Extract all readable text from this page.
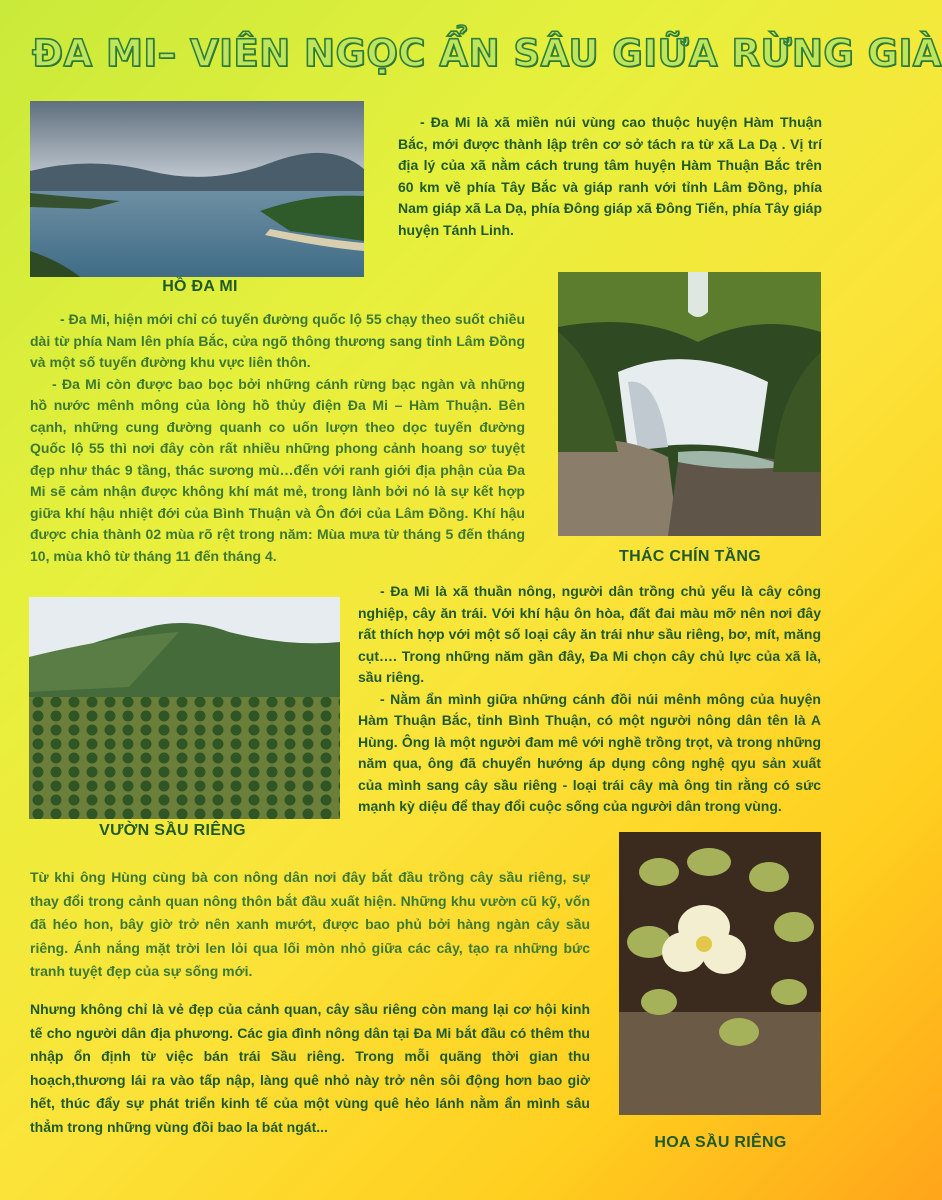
ĐA MI– VIÊN NGỌC ẨN SÂU GIỮA RỪNG GIÀ
HỒ ĐA MI

- Đa Mi là xã miền núi vùng cao thuộc huyện Hàm Thuận Bắc, mới được thành lập trên cơ sở tách ra từ xã La Dạ . Vị trí địa lý của xã nằm cách trung tâm huyện Hàm Thuận Bắc trên 60 km về phía Tây Bắc và giáp ranh với tỉnh Lâm Đồng, phía Nam giáp xã La Dạ, phía Đông giáp xã Đông Tiến, phía Tây giáp huyện Tánh Linh.

THÁC CHÍN TẦNG

- Đa Mi, hiện mới chỉ có tuyến đường quốc lộ 55 chạy theo suốt chiều dài từ phía Nam lên phía Bắc, cửa ngõ thông thương sang tỉnh Lâm Đồng và một số tuyến đường khu vực liên thôn.

- Đa Mi còn được bao bọc bởi những cánh rừng bạc ngàn và những hồ nước mênh mông của lòng hồ thủy điện Đa Mi – Hàm Thuận. Bên cạnh, những cung đường quanh co uốn lượn theo dọc tuyến đường Quốc lộ 55 thì nơi đây còn rất nhiều những phong cảnh hoang sơ tuyệt đẹp như thác 9 tầng, thác sương mù…đến với ranh giới địa phận của Đa Mi sẽ cảm nhận được không khí mát mẻ, trong lành bởi nó là sự kết hợp giữa khí hậu nhiệt đới của Bình Thuận và Ôn đới của Lâm Đồng. Khí hậu được chia thành 02 mùa rõ rệt trong năm: Mùa mưa từ tháng 5 đến tháng 10, mùa khô từ tháng 11 đến tháng 4.

VƯỜN SẦU RIÊNG

- Đa Mi là xã thuần nông, người dân trồng chủ yếu là cây công nghiệp, cây ăn trái. Với khí hậu ôn hòa, đất đai màu mỡ nên nơi đây rất thích hợp với một số loại cây ăn trái như sầu riêng, bơ, mít, măng cụt…. Trong những năm gần đây, Đa Mi chọn cây chủ lực của xã là, sầu riêng.

- Nằm ẩn mình giữa những cánh đồi núi mênh mông của huyện Hàm Thuận Bắc, tỉnh Bình Thuận, có một người nông dân tên là A Hùng. Ông là một người đam mê với nghề trồng trọt, và trong những năm qua, ông đã chuyển hướng áp dụng công nghệ qyu sản xuất của mình sang cây sầu riêng - loại trái cây mà ông tin rằng có sức mạnh kỳ diệu để thay đổi cuộc sống của người dân trong vùng.

HOA SẦU RIÊNG

Từ khi ông Hùng cùng bà con nông dân nơi đây bắt đầu trồng cây sầu riêng, sự thay đổi trong cảnh quan nông thôn bắt đầu xuất hiện. Những khu vườn cũ kỹ, vốn đã héo hon, bây giờ trở nên xanh mướt, được bao phủ bởi hàng ngàn cây sầu riêng. Ánh nắng mặt trời len lỏi qua lối mòn nhỏ giữa các cây, tạo ra những bức tranh tuyệt đẹp của sự sống mới.

Nhưng không chỉ là vẻ đẹp của cảnh quan, cây sầu riêng còn mang lại cơ hội kinh tế cho người dân địa phương. Các gia đình nông dân tại Đa Mi bắt đầu có thêm thu nhập ổn định từ việc bán trái Sầu riêng. Trong mỗi quãng thời gian thu hoạch,thương lái ra vào tấp nập, làng quê nhỏ này trở nên sôi động hơn bao giờ hết, thúc đẩy sự phát triển kinh tế của một vùng quê hẻo lánh nằm ẩn mình sâu thẳm trong những vùng đồi bao la bát ngát...
